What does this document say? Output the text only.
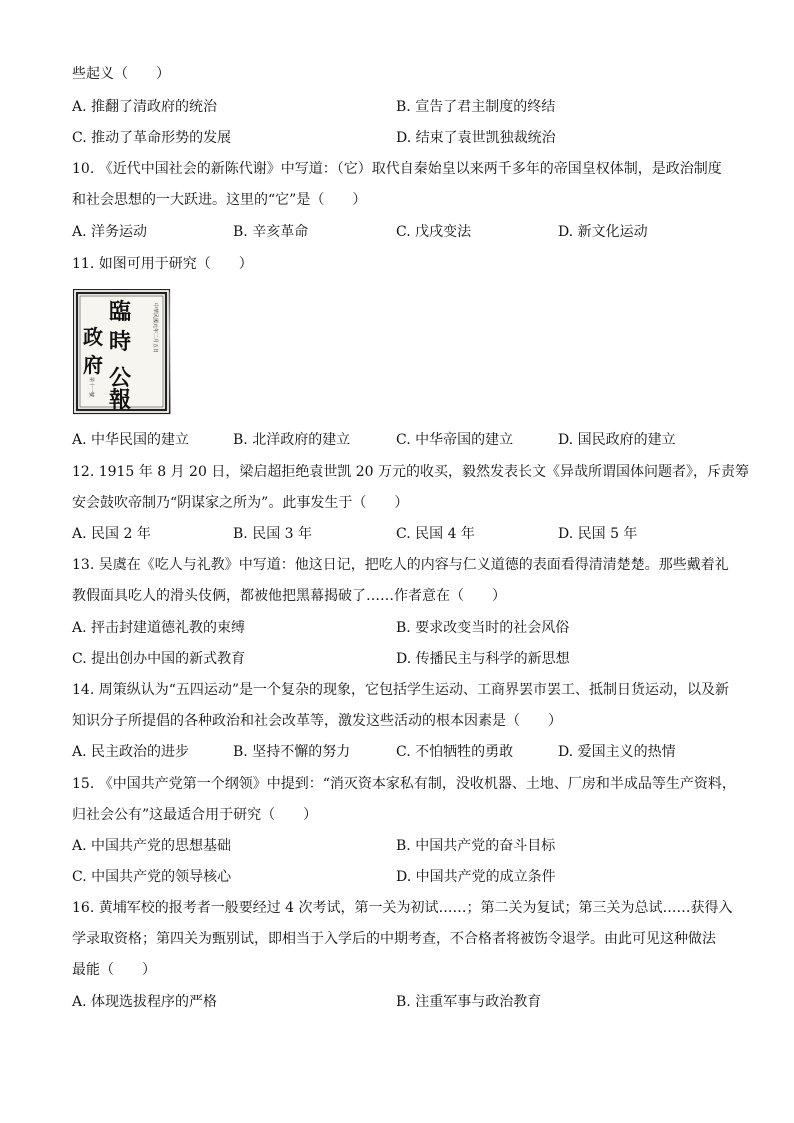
些起义（　　）
A. 推翻了清政府的统治	B. 宣告了君主制度的终结
C. 推动了革命形势的发展	D. 结束了袁世凯独裁统治
10. 《近代中国社会的新陈代谢》中写道：（它）取代自秦始皇以来两千多年的帝国皇权体制，是政治制度
和社会思想的一大跃进。这里的“它”是（　　）
A. 洋务运动	B. 辛亥革命	C. 戊戌变法	D. 新文化运动
11. 如图可用于研究（　　）
臨
時
政
府 公
報
中華民國元年二月五日
第十一號
A. 中华民国的建立	B. 北洋政府的建立	C. 中华帝国的建立	D. 国民政府的建立
12. 1915 年 8 月 20 日，梁启超拒绝袁世凯 20 万元的收买，毅然发表长文《异哉所谓国体问题者》，斥责筹
安会鼓吹帝制乃“阴谋家之所为”。此事发生于（　　）
A. 民国 2 年	B. 民国 3 年	C. 民国 4 年	D. 民国 5 年
13. 吴虞在《吃人与礼教》中写道：他这日记，把吃人的内容与仁义道德的表面看得清清楚楚。那些戴着礼
教假面具吃人的滑头伎俩，都被他把黑幕揭破了……作者意在（　　）
A. 抨击封建道德礼教的束缚	B. 要求改变当时的社会风俗
C. 提出创办中国的新式教育	D. 传播民主与科学的新思想
14. 周策纵认为“五四运动”是一个复杂的现象，它包括学生运动、工商界罢市罢工、抵制日货运动，以及新
知识分子所提倡的各种政治和社会改革等，激发这些活动的根本因素是（　　）
A. 民主政治的进步	B. 坚持不懈的努力	C. 不怕牺牲的勇敢	D. 爱国主义的热情
15. 《中国共产党第一个纲领》中提到：“消灭资本家私有制，没收机器、土地、厂房和半成品等生产资料，
归社会公有”这最适合用于研究（　　）
A. 中国共产党的思想基础	B. 中国共产党的奋斗目标
C. 中国共产党的领导核心	D. 中国共产党的成立条件
16. 黄埔军校的报考者一般要经过 4 次考试，第一关为初试……；第二关为复试；第三关为总试……获得入
学录取资格；第四关为甄别试，即相当于入学后的中期考查，不合格者将被饬令退学。由此可见这种做法
最能（　　）
A. 体现选拔程序的严格	B. 注重军事与政治教育
